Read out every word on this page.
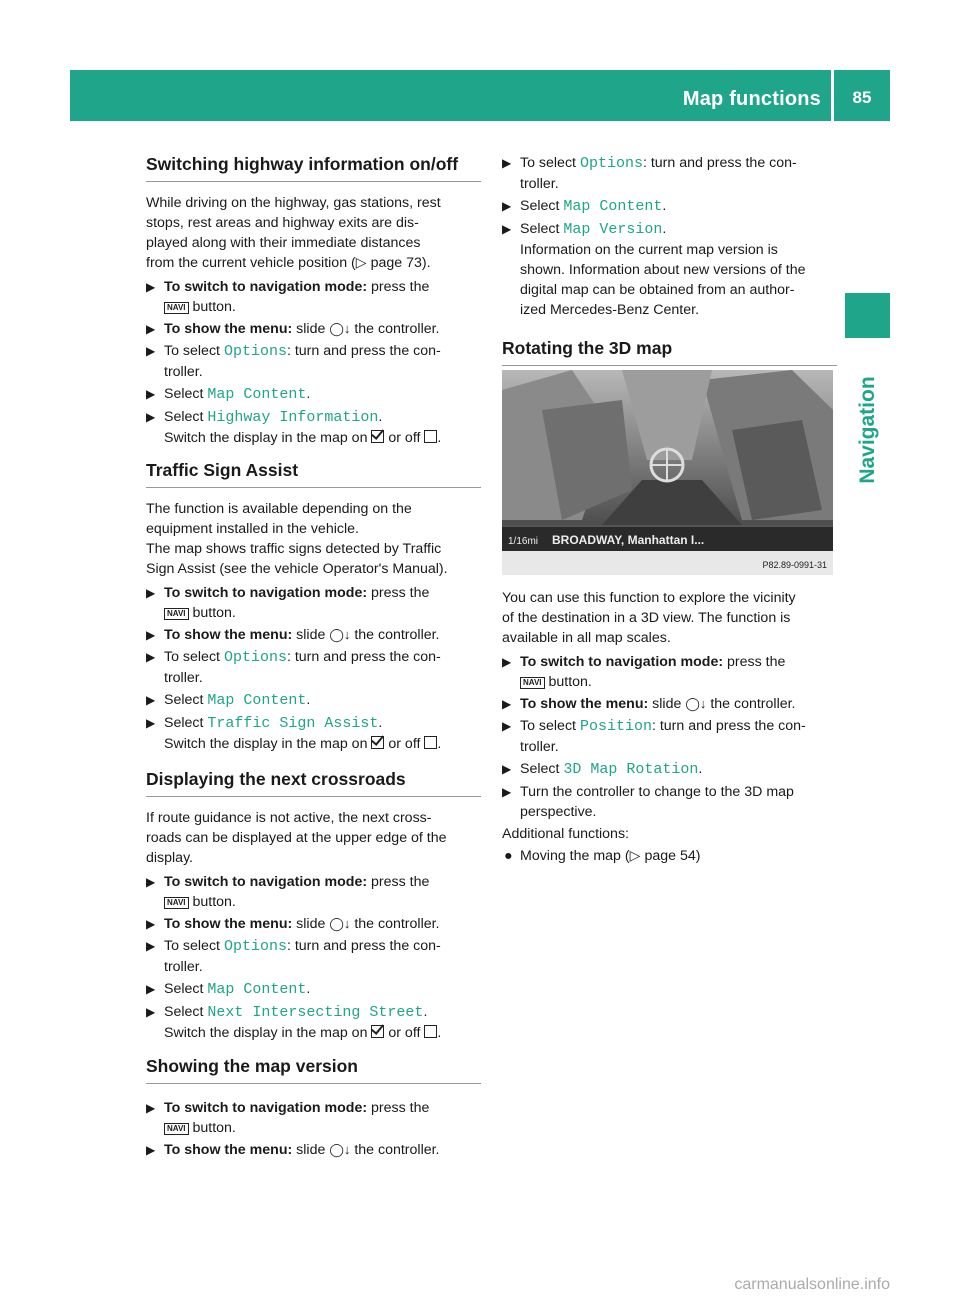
Map functions	85
Navigation
Switching highway information on/off

While driving on the highway, gas stations, rest

stops, rest areas and highway exits are dis-

played along with their immediate distances

from the current vehicle position (▷ page 73).

▶ To switch to navigation mode: press the
NAVI button.
▶ To show the menu: slide ◯↓ the controller.
▶ To select Options: turn and press the con-
troller.
▶ Select Map Content.
▶ Select Highway Information.
Switch the display in the map on or off .
Traffic Sign Assist

The function is available depending on the

equipment installed in the vehicle.

The map shows traffic signs detected by Traffic

Sign Assist (see the vehicle Operator's Manual).

▶ To switch to navigation mode: press the
NAVI button.
▶ To show the menu: slide ◯↓ the controller.
▶ To select Options: turn and press the con-
troller.
▶ Select Map Content.
▶ Select Traffic Sign Assist.
Switch the display in the map on or off .
Displaying the next crossroads

If route guidance is not active, the next cross-

roads can be displayed at the upper edge of the

display.

▶ To switch to navigation mode: press the
NAVI button.
▶ To show the menu: slide ◯↓ the controller.
▶ To select Options: turn and press the con-
troller.
▶ Select Map Content.
▶ Select Next Intersecting Street.
Switch the display in the map on or off .
Showing the map version
▶ To switch to navigation mode: press the
NAVI button.
▶ To show the menu: slide ◯↓ the controller.
▶ To select Options: turn and press the con-
troller.
▶ Select Map Content.
▶ Select Map Version.
Information on the current map version is
shown. Information about new versions of the
digital map can be obtained from an author-
ized Mercedes-Benz Center.
Rotating the 3D map

You can use this function to explore the vicinity

of the destination in a 3D view. The function is

available in all map scales.

▶ To switch to navigation mode: press the
NAVI button.
▶ To show the menu: slide ◯↓ the controller.
▶ To select Position: turn and press the con-
troller.
▶ Select 3D Map Rotation.
▶ Turn the controller to change to the 3D map
perspective.

Additional functions:

● Moving the map (▷ page 54)
1/16mi BROADWAY, Manhattan I...
P82.89-0991-31
carmanualsonline.info
